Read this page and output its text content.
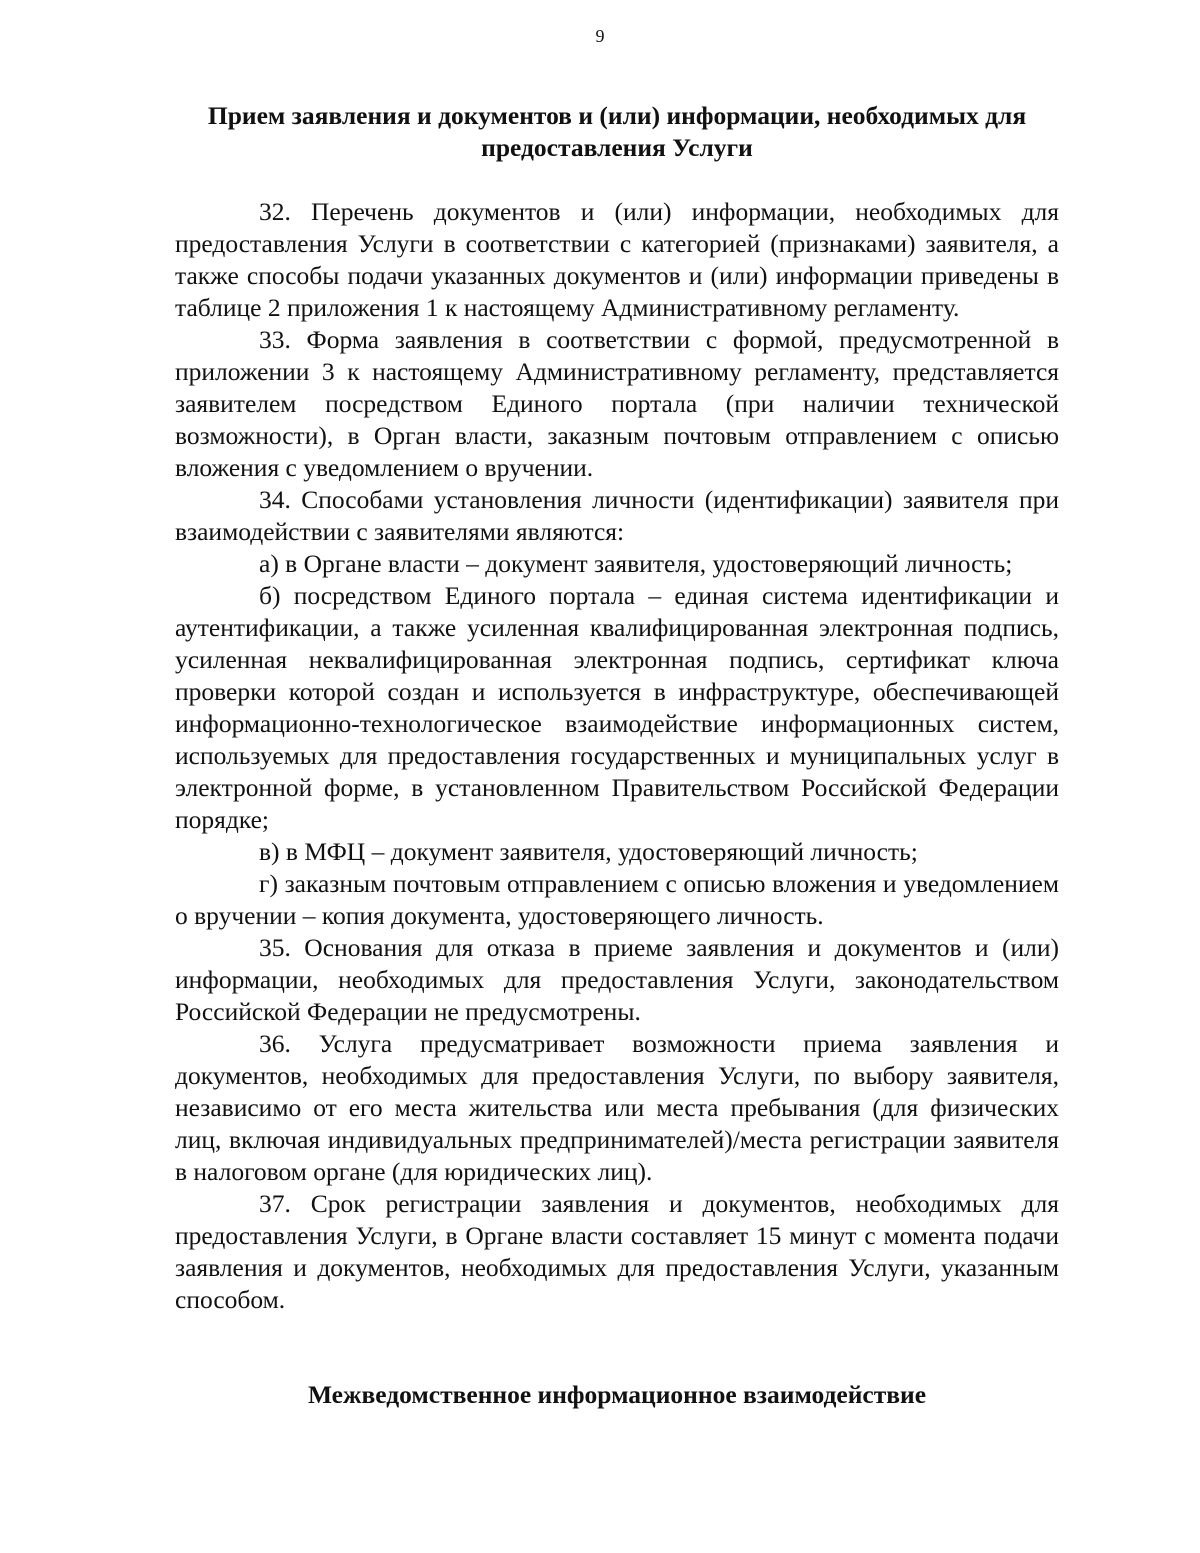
9

Прием заявления и документов и (или) информации, необходимых для предоставления Услуги

32. Перечень документов и (или) информации, необходимых для предоставления Услуги в соответствии с категорией (признаками) заявителя, а также способы подачи указанных документов и (или) информации приведены в таблице 2 приложения 1 к настоящему Административному регламенту.

33. Форма заявления в соответствии с формой, предусмотренной в приложении 3 к настоящему Административному регламенту, представляется заявителем посредством Единого портала (при наличии технической возможности), в Орган власти, заказным почтовым отправлением с описью вложения с уведомлением о вручении.

34. Способами установления личности (идентификации) заявителя при взаимодействии с заявителями являются:

а) в Органе власти – документ заявителя, удостоверяющий личность;

б) посредством Единого портала – единая система идентификации и аутентификации, а также усиленная квалифицированная электронная подпись, усиленная неквалифицированная электронная подпись, сертификат ключа проверки которой создан и используется в инфраструктуре, обеспечивающей информационно-технологическое взаимодействие информационных систем, используемых для предоставления государственных и муниципальных услуг в электронной форме, в установленном Правительством Российской Федерации порядке;

в) в МФЦ – документ заявителя, удостоверяющий личность;

г) заказным почтовым отправлением с описью вложения и уведомлением о вручении – копия документа, удостоверяющего личность.

35. Основания для отказа в приеме заявления и документов и (или) информации, необходимых для предоставления Услуги, законодательством Российской Федерации не предусмотрены.

36. Услуга предусматривает возможности приема заявления и документов, необходимых для предоставления Услуги, по выбору заявителя, независимо от его места жительства или места пребывания (для физических лиц, включая индивидуальных предпринимателей)/места регистрации заявителя в налоговом органе (для юридических лиц).

37. Срок регистрации заявления и документов, необходимых для предоставления Услуги, в Органе власти составляет 15 минут с момента подачи заявления и документов, необходимых для предоставления Услуги, указанным способом.

Межведомственное информационное взаимодействие
